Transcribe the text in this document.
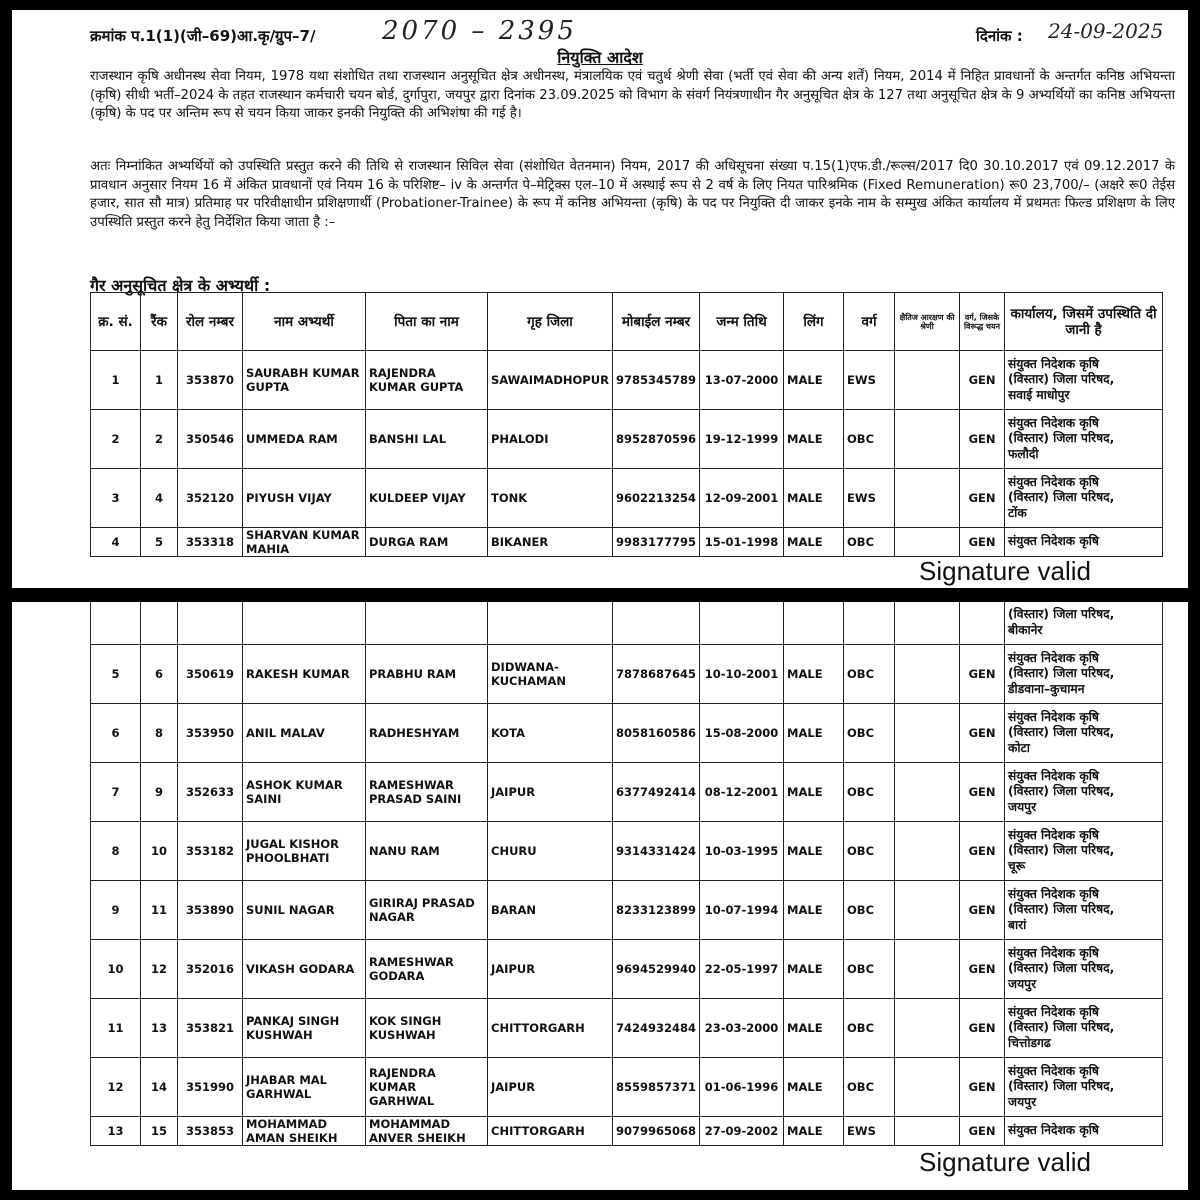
क्रमांक प.1(1)(जी–69)आ.कृ/ग्रुप–7/	2070 – 2395	दिनांक : 24-09-2025
नियुक्ति आदेश
राजस्थान कृषि अधीनस्थ सेवा नियम, 1978 यथा संशोधित तथा राजस्थान अनुसूचित क्षेत्र अधीनस्थ, मंत्रालयिक एवं चतुर्थ श्रेणी सेवा (भर्ती एवं सेवा की अन्य शर्तें) नियम, 2014 में निहित प्रावधानों के अन्तर्गत कनिष्ठ अभियन्ता (कृषि) सीधी भर्ती–2024 के तहत राजस्थान कर्मचारी चयन बोर्ड, दुर्गापुरा, जयपुर द्वारा दिनांक 23.09.2025 को विभाग के संवर्ग नियंत्रणाधीन गैर अनुसूचित क्षेत्र के 127 तथा अनुसूचित क्षेत्र के 9 अभ्यर्थियों का कनिष्ठ अभियन्ता (कृषि) के पद पर अन्तिम रूप से चयन किया जाकर इनकी नियुक्ति की अभिशंषा की गई है।
अतः निम्नांकित अभ्यर्थियों को उपस्थिति प्रस्तुत करने की तिथि से राजस्थान सिविल सेवा (संशोधित वेतनमान) नियम, 2017 की अधिसूचना संख्या प.15(1)एफ.डी./रूल्स/2017 दि0 30.10.2017 एवं 09.12.2017 के प्रावधान अनुसार नियम 16 में अंकित प्रावधानों एवं नियम 16 के परिशिष्ट– iv के अन्तर्गत पे–मेट्रिक्स एल–10 में अस्थाई रूप से 2 वर्ष के लिए नियत पारिश्रमिक (Fixed Remuneration) रू0 23,700/– (अक्षरे रू0 तेईस हजार, सात सौ मात्र) प्रतिमाह पर परिवीक्षाधीन प्रशिक्षणार्थी (Probationer-Trainee) के रूप में कनिष्ठ अभियन्ता (कृषि) के पद पर नियुक्ति दी जाकर इनके नाम के सम्मुख अंकित कार्यालय में प्रथमतः फिल्ड प्रशिक्षण के लिए उपस्थिति प्रस्तुत करने हेतु निर्देशित किया जाता है :–
गैर अनुसूचित क्षेत्र के अभ्यर्थी :
क्र. सं.	रैंक	रोल नम्बर	नाम अभ्यर्थी	पिता का नाम	गृह जिला	मोबाईल नम्बर	जन्म तिथि	लिंग	वर्ग	क्षैतिज आरक्षण की श्रेणी	वर्ग, जिसके विरूद्ध चयन	कार्यालय, जिसमें उपस्थिति दी जानी है
1	1	353870	SAURABH KUMAR GUPTA	RAJENDRA KUMAR GUPTA	SAWAIMADHOPUR	9785345789	13-07-2000	MALE	EWS		GEN	संयुक्त निदेशक कृषि
(विस्तार) जिला परिषद,
सवाई माधोपुर

2	2	350546	UMMEDA RAM	BANSHI LAL	PHALODI	8952870596	19-12-1999	MALE	OBC		GEN	संयुक्त निदेशक कृषि
(विस्तार) जिला परिषद,
फलौदी

3	4	352120	PIYUSH VIJAY	KULDEEP VIJAY	TONK	9602213254	12-09-2001	MALE	EWS		GEN	संयुक्त निदेशक कृषि
(विस्तार) जिला परिषद,
टोंक

4	5	353318	SHARVAN KUMAR MAHIA	DURGA RAM	BIKANER	9983177795	15-01-1998	MALE	OBC		GEN	संयुक्त निदेशक कृषि
Signature valid

												(विस्तार) जिला परिषद,
बीकानेर

5	6	350619	RAKESH KUMAR	PRABHU RAM	DIDWANA-KUCHAMAN	7878687645	10-10-2001	MALE	OBC		GEN	संयुक्त निदेशक कृषि
(विस्तार) जिला परिषद,
डीडवाना–कुचामन

6	8	353950	ANIL MALAV	RADHESHYAM	KOTA	8058160586	15-08-2000	MALE	OBC		GEN	संयुक्त निदेशक कृषि
(विस्तार) जिला परिषद,
कोटा

7	9	352633	ASHOK KUMAR SAINI	RAMESHWAR PRASAD SAINI	JAIPUR	6377492414	08-12-2001	MALE	OBC		GEN	संयुक्त निदेशक कृषि
(विस्तार) जिला परिषद,
जयपुर

8	10	353182	JUGAL KISHOR PHOOLBHATI	NANU RAM	CHURU	9314331424	10-03-1995	MALE	OBC		GEN	संयुक्त निदेशक कृषि
(विस्तार) जिला परिषद,
चूरू

9	11	353890	SUNIL NAGAR	GIRIRAJ PRASAD NAGAR	BARAN	8233123899	10-07-1994	MALE	OBC		GEN	संयुक्त निदेशक कृषि
(विस्तार) जिला परिषद,
बारां

10	12	352016	VIKASH GODARA	RAMESHWAR GODARA	JAIPUR	9694529940	22-05-1997	MALE	OBC		GEN	संयुक्त निदेशक कृषि
(विस्तार) जिला परिषद,
जयपुर

11	13	353821	PANKAJ SINGH KUSHWAH	KOK SINGH KUSHWAH	CHITTORGARH	7424932484	23-03-2000	MALE	OBC		GEN	संयुक्त निदेशक कृषि
(विस्तार) जिला परिषद,
चित्तोडगढ

12	14	351990	JHABAR MAL GARHWAL	RAJENDRA KUMAR GARHWAL	JAIPUR	8559857371	01-06-1996	MALE	OBC		GEN	संयुक्त निदेशक कृषि
(विस्तार) जिला परिषद,
जयपुर

13	15	353853	MOHAMMAD AMAN SHEIKH	MOHAMMAD ANVER SHEIKH	CHITTORGARH	9079965068	27-09-2002	MALE	EWS		GEN	संयुक्त निदेशक कृषि
Signature valid
